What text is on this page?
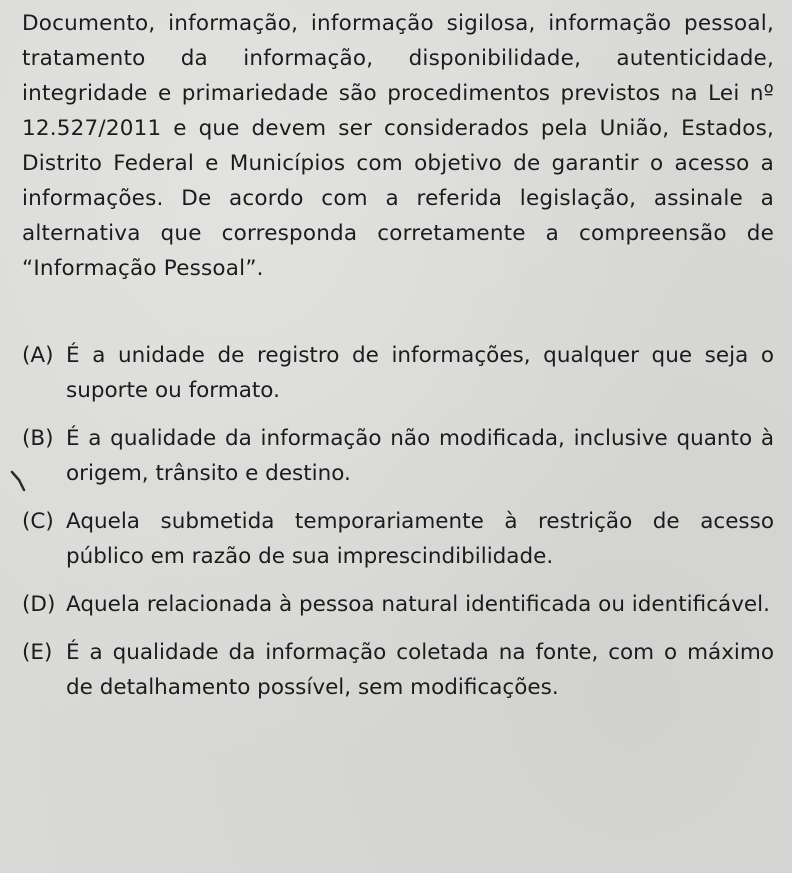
Documento, informação, informação sigilosa, informação pessoal, tratamento da informação, disponibilidade, autenticidade, integridade e primariedade são procedimentos previstos na Lei nº 12.527/2011 e que devem ser considerados pela União, Estados, Distrito Federal e Municípios com objetivo de garantir o acesso a informações. De acordo com a referida legislação, assinale a alternativa que corresponda corretamente a compreensão de “Informação Pessoal”.

(A) É a unidade de registro de informações, qualquer que seja o suporte ou formato.
(B) É a qualidade da informação não modificada, inclusive quanto à origem, trânsito e destino.
(C) Aquela submetida temporariamente à restrição de acesso público em razão de sua imprescindibilidade.
(D) Aquela relacionada à pessoa natural identificada ou identificável.
(E) É a qualidade da informação coletada na fonte, com o máximo de detalhamento possível, sem modificações.
